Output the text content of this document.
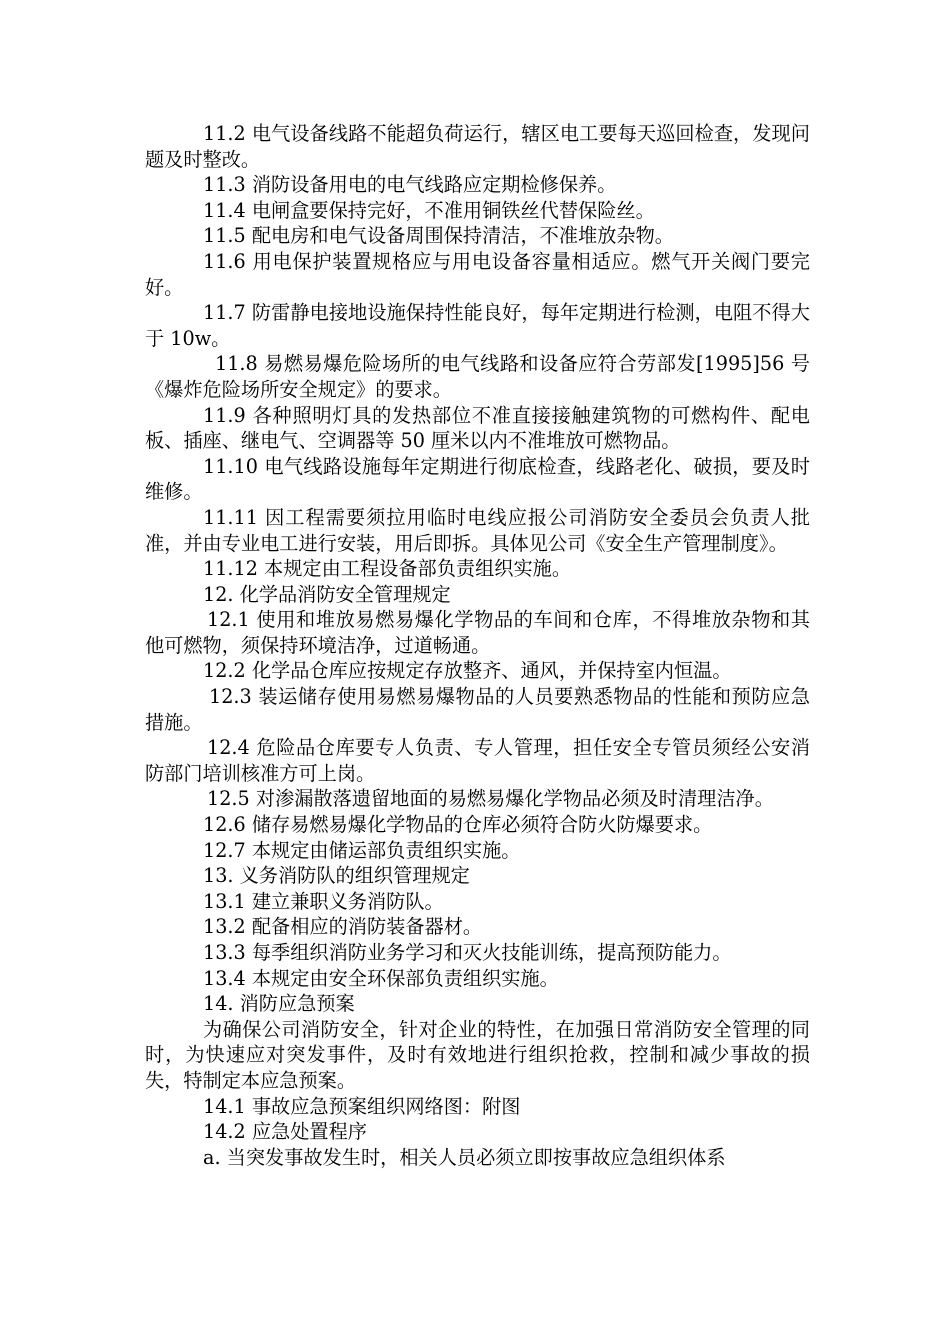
11.2 电气设备线路不能超负荷运行，辖区电工要每天巡回检查，发现问题及时整改。

11.3 消防设备用电的电气线路应定期检修保养。

11.4 电闸盒要保持完好，不准用铜铁丝代替保险丝。

11.5 配电房和电气设备周围保持清洁，不准堆放杂物。

11.6 用电保护装置规格应与用电设备容量相适应。燃气开关阀门要完好。

11.7 防雷静电接地设施保持性能良好，每年定期进行检测，电阻不得大于 10w。

11.8 易燃易爆危险场所的电气线路和设备应符合劳部发[1995]56 号《爆炸危险场所安全规定》的要求。

11.9 各种照明灯具的发热部位不准直接接触建筑物的可燃构件、配电板、插座、继电气、空调器等 50 厘米以内不准堆放可燃物品。

11.10 电气线路设施每年定期进行彻底检查，线路老化、破损，要及时维修。

11.11 因工程需要须拉用临时电线应报公司消防安全委员会负责人批准，并由专业电工进行安装，用后即拆。具体见公司《安全生产管理制度》。

11.12 本规定由工程设备部负责组织实施。

12. 化学品消防安全管理规定

12.1 使用和堆放易燃易爆化学物品的车间和仓库，不得堆放杂物和其他可燃物，须保持环境洁净，过道畅通。

12.2 化学品仓库应按规定存放整齐、通风，并保持室内恒温。

12.3 装运储存使用易燃易爆物品的人员要熟悉物品的性能和预防应急措施。

12.4 危险品仓库要专人负责、专人管理，担任安全专管员须经公安消防部门培训核准方可上岗。

12.5 对渗漏散落遗留地面的易燃易爆化学物品必须及时清理洁净。

12.6 储存易燃易爆化学物品的仓库必须符合防火防爆要求。

12.7 本规定由储运部负责组织实施。

13. 义务消防队的组织管理规定

13.1 建立兼职义务消防队。

13.2 配备相应的消防装备器材。

13.3 每季组织消防业务学习和灭火技能训练，提高预防能力。

13.4 本规定由安全环保部负责组织实施。

14. 消防应急预案

为确保公司消防安全，针对企业的特性，在加强日常消防安全管理的同时，为快速应对突发事件，及时有效地进行组织抢救，控制和减少事故的损失，特制定本应急预案。

14.1 事故应急预案组织网络图：附图

14.2 应急处置程序

a. 当突发事故发生时，相关人员必须立即按事故应急组织体系
